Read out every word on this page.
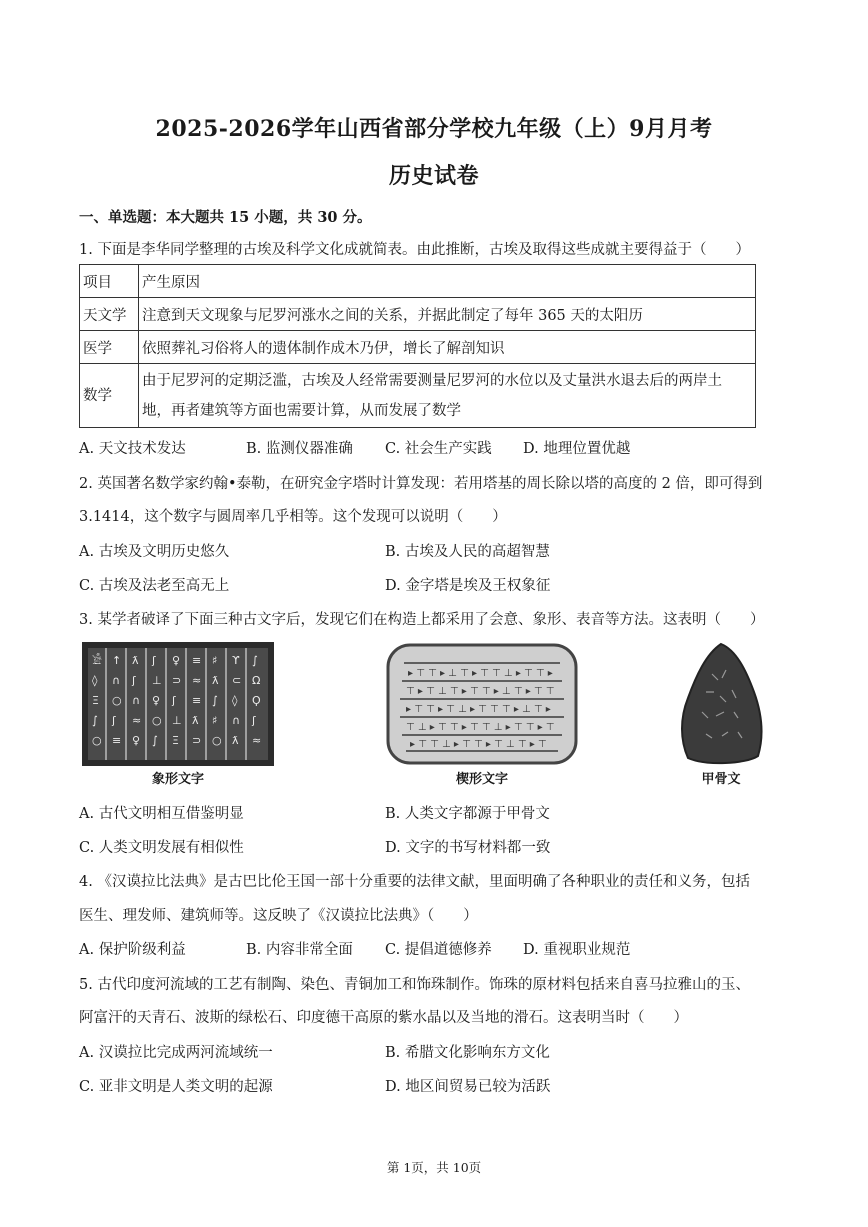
2025-2026学年山西省部分学校九年级（上）9月月考
历史试卷
一、单选题：本大题共 15 小题，共 30 分。
1. 下面是李华同学整理的古埃及科学文化成就简表。由此推断，古埃及取得这些成就主要得益于（　　）
项目	产生原因
天文学	注意到天文现象与尼罗河涨水之间的关系，并据此制定了每年 365 天的太阳历
医学	依照葬礼习俗将人的遗体制作成木乃伊，增长了解剖知识
数学	由于尼罗河的定期泛滥，古埃及人经常需要测量尼罗河的水位以及丈量洪水退去后的两岸土
地，再者建筑等方面也需要计算，从而发展了数学
A. 天文技术发达	B. 监测仪器准确 C. 社会生产实践 D. 地理位置优越
2. 英国著名数学家约翰•泰勒，在研究金字塔时计算发现：若用塔基的周长除以塔的高度的 2 倍，即可得到
3.1414，这个数字与圆周率几乎相等。这个发现可以说明（　　）
A. 古埃及文明历史悠久	B. 古埃及人民的高超智慧
C. 古埃及法老至高无上	D. 金字塔是埃及王权象征
3. 某学者破译了下面三种古文字后，发现它们在构造上都采用了会意、象形、表音等方法。这表明（　　）
𓀀 ↑ ƛ ʃ ♀ ≡ ♯ ϒ ∫
◊ ∩ ʃ ⊥ ⊃ ≈ ƛ ⊂ Ω
Ξ ○ ∩ ♀ ʃ ≡ ∫ ◊ Ϙ
∫ ʃ ≈ ○ ⊥ ƛ ♯ ∩ ʃ
○ ≡ ♀ ∫ Ξ ⊃ ○ ƛ ≈
象形文字
▸ ⊤ ⊤ ▸ ⊥ ⊤ ▸ ⊤ ⊤ ⊥ ▸ ⊤ ⊤ ▸
⊤ ▸ ⊤ ⊥ ⊤ ▸ ⊤ ⊤ ▸ ⊥ ⊤ ▸ ⊤ ⊤
▸ ⊤ ⊤ ▸ ⊤ ⊥ ▸ ⊤ ⊤ ⊤ ▸ ⊥ ⊤ ▸
⊤ ⊥ ▸ ⊤ ⊤ ▸ ⊤ ⊤ ⊥ ▸ ⊤ ⊤ ▸ ⊤
▸ ⊤ ⊤ ⊥ ▸ ⊤ ⊤ ▸ ⊤ ⊥ ⊤ ▸ ⊤
楔形文字	甲骨文
A. 古代文明相互借鉴明显	B. 人类文字都源于甲骨文
C. 人类文明发展有相似性	D. 文字的书写材料都一致
4. 《汉谟拉比法典》是古巴比伦王国一部十分重要的法律文献，里面明确了各种职业的责任和义务，包括
医生、理发师、建筑师等。这反映了《汉谟拉比法典》（　　）
A. 保护阶级利益	B. 内容非常全面 C. 提倡道德修养 D. 重视职业规范
5. 古代印度河流域的工艺有制陶、染色、青铜加工和饰珠制作。饰珠的原材料包括来自喜马拉雅山的玉、
阿富汗的天青石、波斯的绿松石、印度德干高原的紫水晶以及当地的滑石。这表明当时（　　）
A. 汉谟拉比完成两河流域统一	B. 希腊文化影响东方文化
C. 亚非文明是人类文明的起源	D. 地区间贸易已较为活跃
第 1页，共 10页
